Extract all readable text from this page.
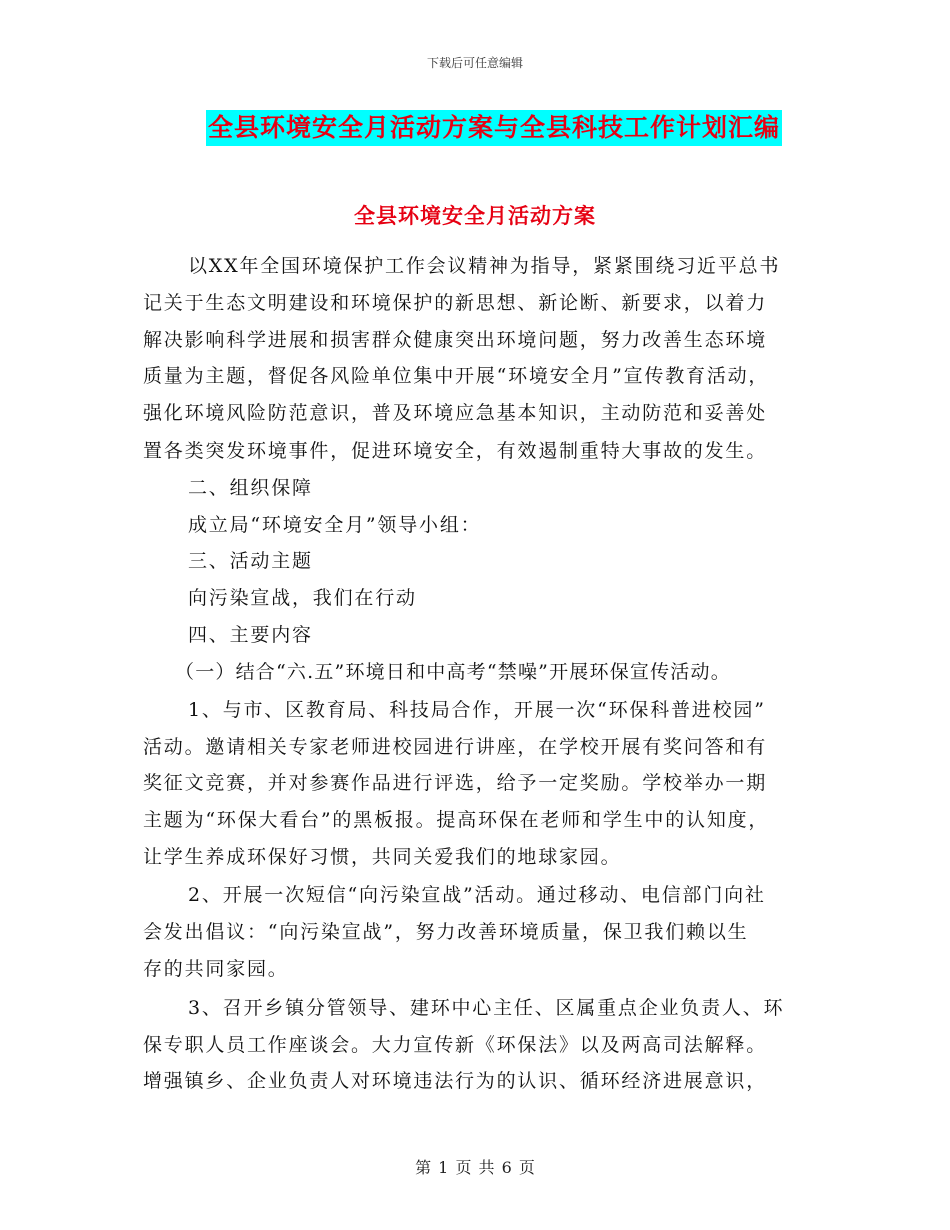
下载后可任意编辑
全县环境安全月活动方案与全县科技工作计划汇编
全县环境安全月活动方案
以XX年全国环境保护工作会议精神为指导，紧紧围绕习近平总书
记关于生态文明建设和环境保护的新思想、新论断、新要求，以着力
解决影响科学进展和损害群众健康突出环境问题，努力改善生态环境
质量为主题，督促各风险单位集中开展“环境安全月”宣传教育活动，
强化环境风险防范意识，普及环境应急基本知识，主动防范和妥善处
置各类突发环境事件，促进环境安全，有效遏制重特大事故的发生。
二、组织保障
成立局“环境安全月”领导小组：
三、活动主题
向污染宣战，我们在行动
四、主要内容
（一）结合“六.五”环境日和中高考“禁噪”开展环保宣传活动。
1、与市、区教育局、科技局合作，开展一次“环保科普进校园”
活动。邀请相关专家老师进校园进行讲座，在学校开展有奖问答和有
奖征文竞赛，并对参赛作品进行评选，给予一定奖励。学校举办一期
主题为“环保大看台”的黑板报。提高环保在老师和学生中的认知度，
让学生养成环保好习惯，共同关爱我们的地球家园。
2、开展一次短信“向污染宣战”活动。通过移动、电信部门向社
会发出倡议：“向污染宣战”，努力改善环境质量，保卫我们赖以生
存的共同家园。
3、召开乡镇分管领导、建环中心主任、区属重点企业负责人、环
保专职人员工作座谈会。大力宣传新《环保法》以及两高司法解释。
增强镇乡、企业负责人对环境违法行为的认识、循环经济进展意识，
第 1 页 共 6 页
